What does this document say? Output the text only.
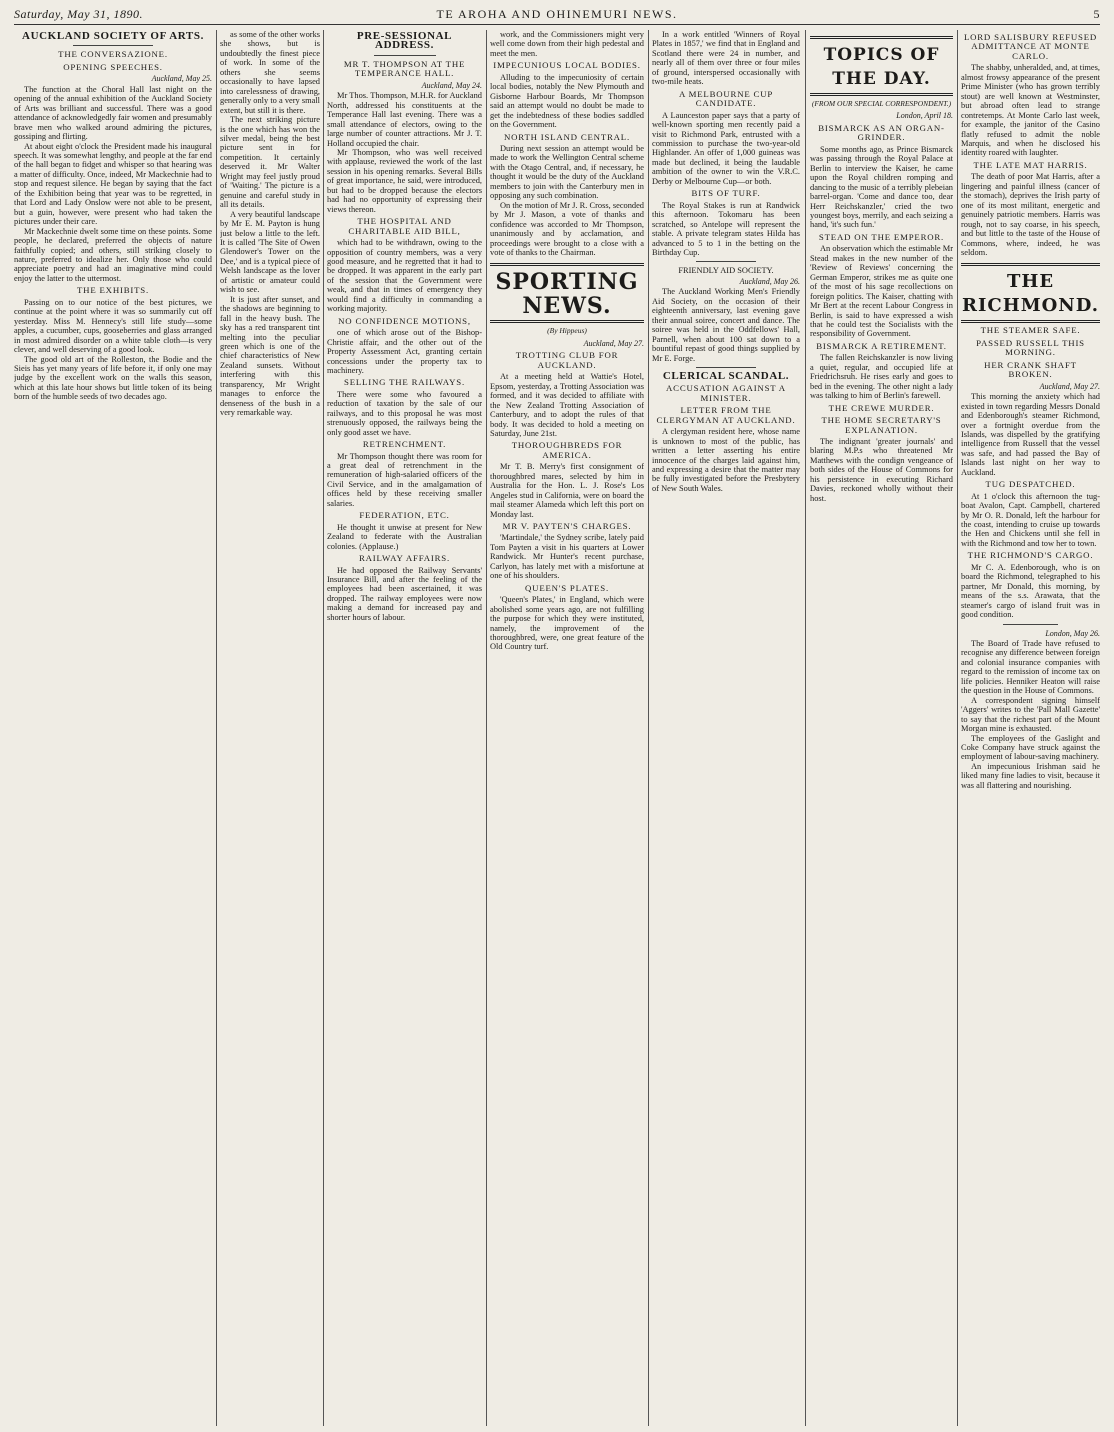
Saturday, May 31, 1890.	TE AROHA AND OHINEMURI NEWS.	5
AUCKLAND SOCIETY OF ARTS.
THE CONVERSAZIONE.
OPENING SPEECHES.
Auckland, May 25.

The function at the Choral Hall last night on the opening of the annual exhibition of the Auckland Society of Arts was brilliant and successful. There was a good attendance of acknowledgedly fair women and presumably brave men who walked around admiring the pictures, gossiping and flirting.

At about eight o'clock the President made his inaugural speech. It was somewhat lengthy, and people at the far end of the hall began to fidget and whisper so that hearing was a matter of difficulty. Once, indeed, Mr Mackechnie had to stop and request silence. He began by saying that the fact of the Exhibition being that year was to be regretted, in that Lord and Lady Onslow were not able to be present, but a guin, however, were present who had taken the pictures under their care.

Mr Mackechnie dwelt some time on these points. Some people, he declared, preferred the objects of nature faithfully copied; and others, still striking closely to nature, preferred to idealize her. Only those who could appreciate poetry and had an imaginative mind could enjoy the latter to the uttermost.

THE EXHIBITS.

Passing on to our notice of the best pictures, we continue at the point where it was so summarily cut off yesterday. Miss M. Hennecy's still life study—some apples, a cucumber, cups, gooseberries and glass arranged in most admired disorder on a white table cloth—is very clever, and well deserving of a good look.

The good old art of the Rolleston, the Bodie and the Sieis has yet many years of life before it, if only one may judge by the excellent work on the walls this season, which at this late hour shows but little token of its being born of the humble seeds of two decades ago.

as some of the other works she shows, but is undoubtedly the finest piece of work. In some of the others she seems occasionally to have lapsed into carelessness of drawing, generally only to a very small extent, but still it is there.

The next striking picture is the one which has won the silver medal, being the best picture sent in for competition. It certainly deserved it. Mr Walter Wright may feel justly proud of 'Waiting.' The picture is a genuine and careful study in all its details.

A very beautiful landscape by Mr E. M. Payton is hung just below a little to the left. It is called 'The Site of Owen Glendower's Tower on the Dee,' and is a typical piece of Welsh landscape as the lover of artistic or amateur could wish to see.

It is just after sunset, and the shadows are beginning to fall in the heavy bush. The sky has a red transparent tint melting into the peculiar green which is one of the chief characteristics of New Zealand sunsets. Without interfering with this transparency, Mr Wright manages to enforce the denseness of the bush in a very remarkable way.

PRE-SESSIONAL ADDRESS.
MR T. THOMPSON AT THE TEMPERANCE HALL.
Auckland, May 24.

Mr Thos. Thompson, M.H.R. for Auckland North, addressed his constituents at the Temperance Hall last evening. There was a small attendance of electors, owing to the large number of counter attractions. Mr J. T. Holland occupied the chair.

Mr Thompson, who was well received with applause, reviewed the work of the last session in his opening remarks. Several Bills of great importance, he said, were introduced, but had to be dropped because the electors had had no opportunity of expressing their views thereon.

THE HOSPITAL AND CHARITABLE AID BILL,

which had to be withdrawn, owing to the opposition of country members, was a very good measure, and he regretted that it had to be dropped. It was apparent in the early part of the session that the Government were weak, and that in times of emergency they would find a difficulty in commanding a working majority.

NO CONFIDENCE MOTIONS,

one of which arose out of the Bishop-Christie affair, and the other out of the Property Assessment Act, granting certain concessions under the property tax to machinery.

SELLING THE RAILWAYS.

There were some who favoured a reduction of taxation by the sale of our railways, and to this proposal he was most strenuously opposed, the railways being the only good asset we have.

RETRENCHMENT.

Mr Thompson thought there was room for a great deal of retrenchment in the remuneration of high-salaried officers of the Civil Service, and in the amalgamation of offices held by these receiving smaller salaries.

FEDERATION, ETC.

He thought it unwise at present for New Zealand to federate with the Australian colonies. (Applause.)

RAILWAY AFFAIRS.

He had opposed the Railway Servants' Insurance Bill, and after the feeling of the employees had been ascertained, it was dropped. The railway employees were now making a demand for increased pay and shorter hours of labour.

work, and the Commissioners might very well come down from their high pedestal and meet the men.

IMPECUNIOUS LOCAL BODIES.

Alluding to the impecuniosity of certain local bodies, notably the New Plymouth and Gisborne Harbour Boards, Mr Thompson said an attempt would no doubt be made to get the indebtedness of these bodies saddled on the Government.

NORTH ISLAND CENTRAL.

During next session an attempt would be made to work the Wellington Central scheme with the Otago Central, and, if necessary, he thought it would be the duty of the Auckland members to join with the Canterbury men in opposing any such combination.

On the motion of Mr J. R. Cross, seconded by Mr J. Mason, a vote of thanks and confidence was accorded to Mr Thompson, unanimously and by acclamation, and proceedings were brought to a close with a vote of thanks to the Chairman.

SPORTING NEWS.
(By Hippeus)
Auckland, May 27.
TROTTING CLUB FOR AUCKLAND.

At a meeting held at Wattie's Hotel, Epsom, yesterday, a Trotting Association was formed, and it was decided to affiliate with the New Zealand Trotting Association of Canterbury, and to adopt the rules of that body. It was decided to hold a meeting on Saturday, June 21st.

THOROUGHBREDS FOR AMERICA.

Mr T. B. Merry's first consignment of thoroughbred mares, selected by him in Australia for the Hon. L. J. Rose's Los Angeles stud in California, were on board the mail steamer Alameda which left this port on Monday last.

MR V. PAYTEN'S CHARGES.

'Martindale,' the Sydney scribe, lately paid Tom Payten a visit in his quarters at Lower Randwick. Mr Hunter's recent purchase, Carlyon, has lately met with a misfortune at one of his shoulders.

QUEEN'S PLATES.

'Queen's Plates,' in England, which were abolished some years ago, are not fulfilling the purpose for which they were instituted, namely, the improvement of the thoroughbred, were, one great feature of the Old Country turf.

In a work entitled 'Winners of Royal Plates in 1857,' we find that in England and Scotland there were 24 in number, and nearly all of them over three or four miles of ground, interspersed occasionally with two-mile heats.

A MELBOURNE CUP CANDIDATE.

A Launceston paper says that a party of well-known sporting men recently paid a visit to Richmond Park, entrusted with a commission to purchase the two-year-old Highlander. An offer of 1,000 guineas was made but declined, it being the laudable ambition of the owner to win the V.R.C. Derby or Melbourne Cup—or both.

BITS OF TURF.

The Royal Stakes is run at Randwick this afternoon. Tokomaru has been scratched, so Antelope will represent the stable. A private telegram states Hilda has advanced to 5 to 1 in the betting on the Birthday Cup.

FRIENDLY AID SOCIETY.
Auckland, May 26.

The Auckland Working Men's Friendly Aid Society, on the occasion of their eighteenth anniversary, last evening gave their annual soiree, concert and dance. The soiree was held in the Oddfellows' Hall, Parnell, when about 100 sat down to a bountiful repast of good things supplied by Mr E. Forge.

CLERICAL SCANDAL.
ACCUSATION AGAINST A MINISTER.
LETTER FROM THE CLERGYMAN AT AUCKLAND.

A clergyman resident here, whose name is unknown to most of the public, has written a letter asserting his entire innocence of the charges laid against him, and expressing a desire that the matter may be fully investigated before the Presbytery of New South Wales.

TOPICS OF THE DAY.
(FROM OUR SPECIAL CORRESPONDENT.)
London, April 18.
BISMARCK AS AN ORGAN-GRINDER.

Some months ago, as Prince Bismarck was passing through the Royal Palace at Berlin to interview the Kaiser, he came upon the Royal children romping and dancing to the music of a terribly plebeian barrel-organ. 'Come and dance too, dear Herr Reichskanzler,' cried the two youngest boys, merrily, and each seizing a hand, 'it's such fun.'

STEAD ON THE EMPEROR.

An observation which the estimable Mr Stead makes in the new number of the 'Review of Reviews' concerning the German Emperor, strikes me as quite one of the most of his sage recollections on foreign politics. The Kaiser, chatting with Mr Bert at the recent Labour Congress in Berlin, is said to have expressed a wish that he could test the Socialists with the responsibility of Government.

BISMARCK A RETIREMENT.

The fallen Reichskanzler is now living a quiet, regular, and occupied life at Friedrichsruh. He rises early and goes to bed in the evening. The other night a lady was talking to him of Berlin's farewell.

THE CREWE MURDER.
THE HOME SECRETARY'S EXPLANATION.

The indignant 'greater journals' and blaring M.P.s who threatened Mr Matthews with the condign vengeance of both sides of the House of Commons for his persistence in executing Richard Davies, reckoned wholly without their host.

LORD SALISBURY REFUSED ADMITTANCE AT MONTE CARLO.

The shabby, unheralded, and, at times, almost frowsy appearance of the present Prime Minister (who has grown terribly stout) are well known at Westminster, but abroad often lead to strange contretemps. At Monte Carlo last week, for example, the janitor of the Casino flatly refused to admit the noble Marquis, and when he disclosed his identity roared with laughter.

THE LATE MAT HARRIS.

The death of poor Mat Harris, after a lingering and painful illness (cancer of the stomach), deprives the Irish party of one of its most militant, energetic and genuinely patriotic members. Harris was rough, not to say coarse, in his speech, and but little to the taste of the House of Commons, where, indeed, he was seldom.

THE RICHMOND.
THE STEAMER SAFE.
PASSED RUSSELL THIS MORNING.
HER CRANK SHAFT BROKEN.
Auckland, May 27.

This morning the anxiety which had existed in town regarding Messrs Donald and Edenborough's steamer Richmond, over a fortnight overdue from the Islands, was dispelled by the gratifying intelligence from Russell that the vessel was safe, and had passed the Bay of Islands last night on her way to Auckland.

TUG DESPATCHED.

At 1 o'clock this afternoon the tug-boat Avalon, Capt. Campbell, chartered by Mr O. R. Donald, left the harbour for the coast, intending to cruise up towards the Hen and Chickens until she fell in with the Richmond and tow her to town.

THE RICHMOND'S CARGO.

Mr C. A. Edenborough, who is on board the Richmond, telegraphed to his partner, Mr Donald, this morning, by means of the s.s. Arawata, that the steamer's cargo of island fruit was in good condition.

London, May 26.

The Board of Trade have refused to recognise any difference between foreign and colonial insurance companies with regard to the remission of income tax on life policies. Henniker Heaton will raise the question in the House of Commons.

A correspondent signing himself 'Aggers' writes to the 'Pall Mall Gazette' to say that the richest part of the Mount Morgan mine is exhausted.

The employees of the Gaslight and Coke Company have struck against the employment of labour-saving machinery.

An impecunious Irishman said he liked many fine ladies to visit, because it was all flattering and nourishing.
